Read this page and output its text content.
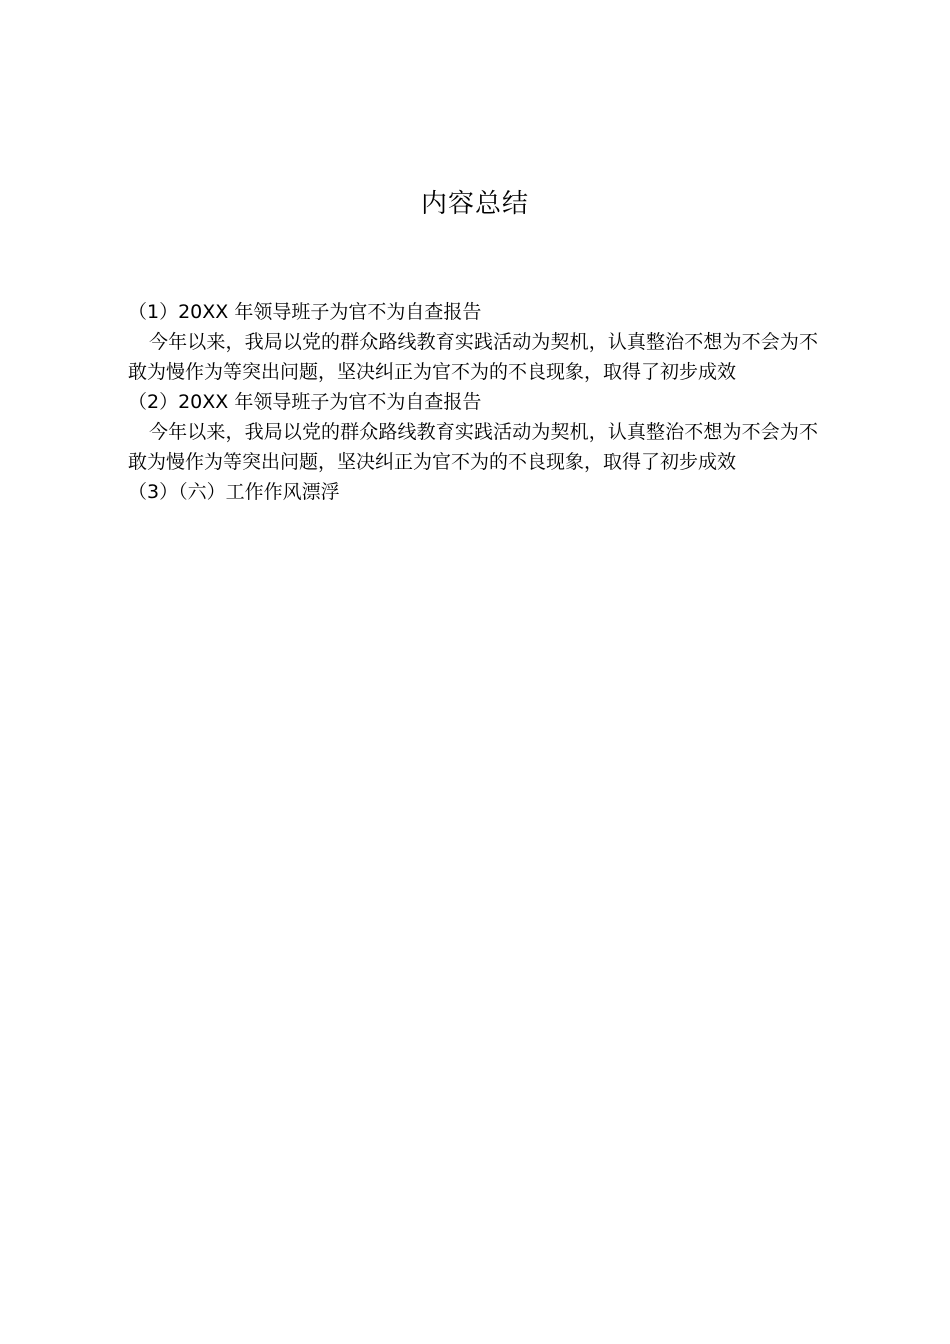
内容总结

（1）20XX 年领导班子为官不为自查报告

今年以来，我局以党的群众路线教育实践活动为契机，认真整治不想为不会为不敢为慢作为等突出问题，坚决纠正为官不为的不良现象，取得了初步成效

（2）20XX 年领导班子为官不为自查报告

今年以来，我局以党的群众路线教育实践活动为契机，认真整治不想为不会为不敢为慢作为等突出问题，坚决纠正为官不为的不良现象，取得了初步成效

（3）（六）工作作风漂浮
